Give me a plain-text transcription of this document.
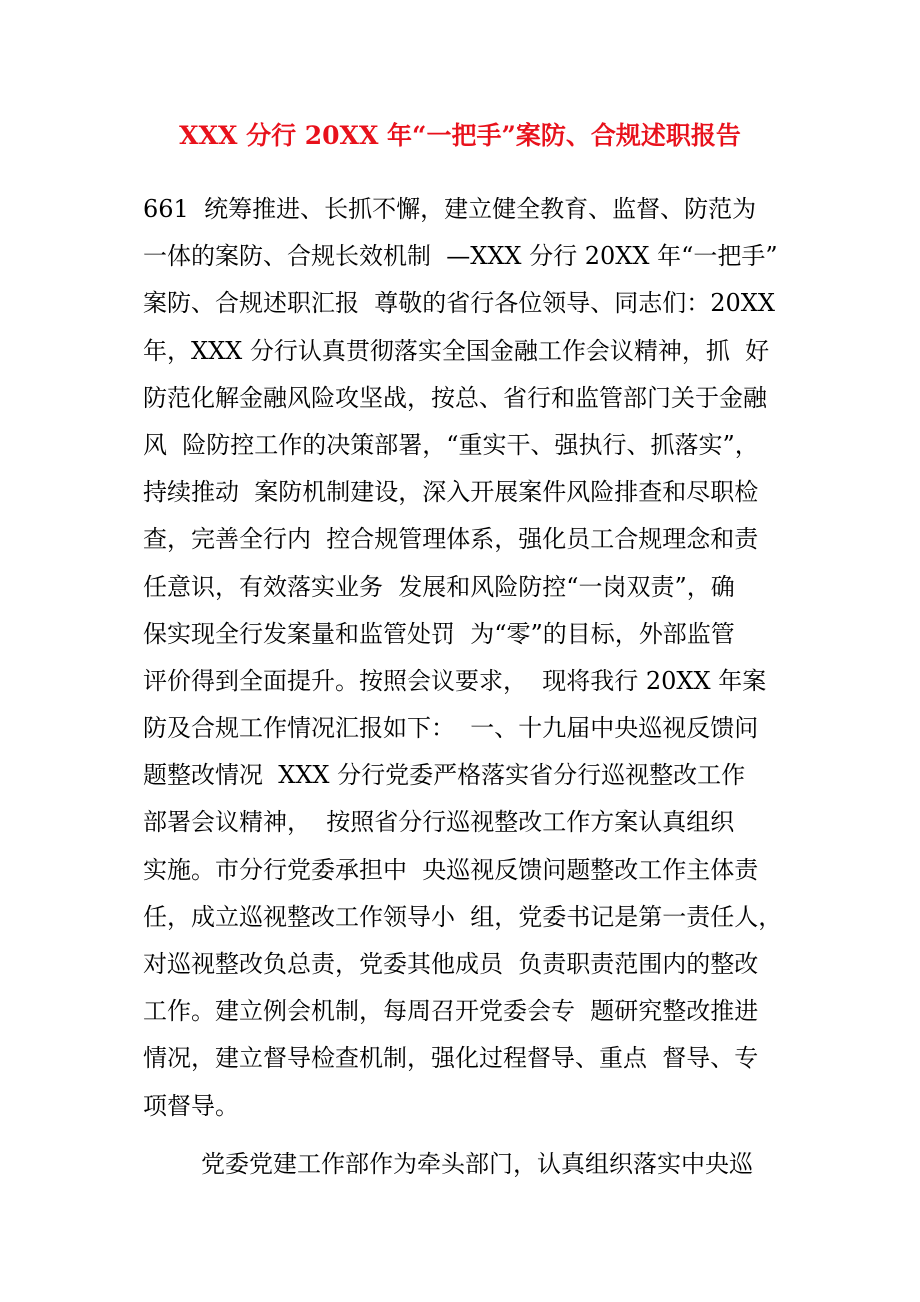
XXX 分行 20XX 年“一把手”案防、合规述职报告
661  统筹推进、长抓不懈，建立健全教育、监督、防范为
一体的案防、合规长效机制  —XXX 分行 20XX 年“一把手”
案防、合规述职汇报  尊敬的省行各位领导、同志们：20XX
年，XXX 分行认真贯彻落实全国金融工作会议精神，抓  好
防范化解金融风险攻坚战，按总、省行和监管部门关于金融
风  险防控工作的决策部署，“重实干、强执行、抓落实”，
持续推动  案防机制建设，深入开展案件风险排查和尽职检
查，完善全行内  控合规管理体系，强化员工合规理念和责
任意识，有效落实业务  发展和风险防控“一岗双责”，确
保实现全行发案量和监管处罚  为“零”的目标，外部监管
评价得到全面提升。按照会议要求，  现将我行 20XX 年案
防及合规工作情况汇报如下：  一、十九届中央巡视反馈问
题整改情况  XXX 分行党委严格落实省分行巡视整改工作
部署会议精神，  按照省分行巡视整改工作方案认真组织
实施。市分行党委承担中  央巡视反馈问题整改工作主体责
任，成立巡视整改工作领导小  组，党委书记是第一责任人，
对巡视整改负总责，党委其他成员  负责职责范围内的整改
工作。建立例会机制，每周召开党委会专  题研究整改推进
情况，建立督导检查机制，强化过程督导、重点  督导、专
项督导。
党委党建工作部作为牵头部门，认真组织落实中央巡
